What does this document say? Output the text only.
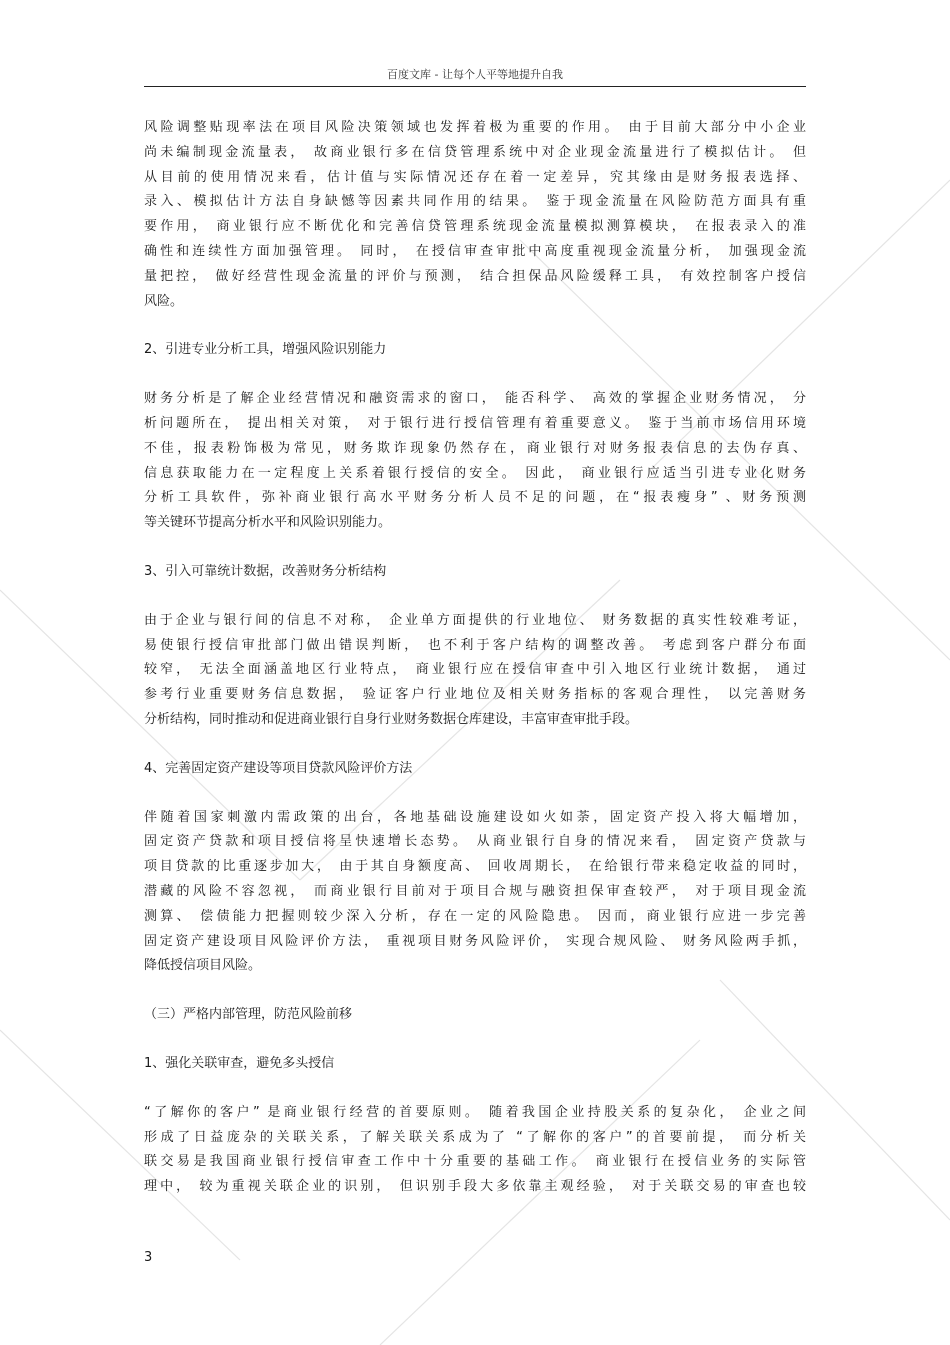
百度文库 - 让每个人平等地提升自我

风险调整贴现率法在项目风险决策领域也发挥着极为重要的作用。 由于目前大部分中小企业
尚未编制现金流量表， 故商业银行多在信贷管理系统中对企业现金流量进行了模拟估计。 但
从目前的使用情况来看，估计值与实际情况还存在着一定差异，究其缘由是财务报表选择、
录入、模拟估计方法自身缺憾等因素共同作用的结果。 鉴于现金流量在风险防范方面具有重
要作用， 商业银行应不断优化和完善信贷管理系统现金流量模拟测算模块， 在报表录入的准
确性和连续性方面加强管理。 同时， 在授信审查审批中高度重视现金流量分析， 加强现金流
量把控， 做好经营性现金流量的评价与预测， 结合担保品风险缓释工具， 有效控制客户授信
风险。

2、引进专业分析工具，增强风险识别能力

财务分析是了解企业经营情况和融资需求的窗口， 能否科学、 高效的掌握企业财务情况， 分
析问题所在， 提出相关对策， 对于银行进行授信管理有着重要意义。 鉴于当前市场信用环境
不佳，报表粉饰极为常见，财务欺诈现象仍然存在，商业银行对财务报表信息的去伪存真、
信息获取能力在一定程度上关系着银行授信的安全。 因此， 商业银行应适当引进专业化财务
分析工具软件，弥补商业银行高水平财务分析人员不足的问题，在“报表瘦身” 、财务预测
等关键环节提高分析水平和风险识别能力。

3、引入可靠统计数据，改善财务分析结构

由于企业与银行间的信息不对称， 企业单方面提供的行业地位、 财务数据的真实性较难考证，
易使银行授信审批部门做出错误判断， 也不利于客户结构的调整改善。 考虑到客户群分布面
较窄， 无法全面涵盖地区行业特点， 商业银行应在授信审查中引入地区行业统计数据， 通过
参考行业重要财务信息数据， 验证客户行业地位及相关财务指标的客观合理性， 以完善财务
分析结构，同时推动和促进商业银行自身行业财务数据仓库建设，丰富审查审批手段。

4、完善固定资产建设等项目贷款风险评价方法

伴随着国家刺激内需政策的出台，各地基础设施建设如火如荼，固定资产投入将大幅增加，
固定资产贷款和项目授信将呈快速增长态势。 从商业银行自身的情况来看， 固定资产贷款与
项目贷款的比重逐步加大， 由于其自身额度高、 回收周期长， 在给银行带来稳定收益的同时，
潜藏的风险不容忽视， 而商业银行目前对于项目合规与融资担保审查较严， 对于项目现金流
测算、 偿债能力把握则较少深入分析，存在一定的风险隐患。 因而，商业银行应进一步完善
固定资产建设项目风险评价方法， 重视项目财务风险评价， 实现合规风险、 财务风险两手抓，
降低授信项目风险。

（三）严格内部管理，防范风险前移

1、强化关联审查，避免多头授信

“了解你的客户” 是商业银行经营的首要原则。 随着我国企业持股关系的复杂化， 企业之间
形成了日益庞杂的关联关系，了解关联关系成为了 “了解你的客户”的首要前提， 而分析关
联交易是我国商业银行授信审查工作中十分重要的基础工作。 商业银行在授信业务的实际管
理中， 较为重视关联企业的识别， 但识别手段大多依靠主观经验， 对于关联交易的审查也较

3
